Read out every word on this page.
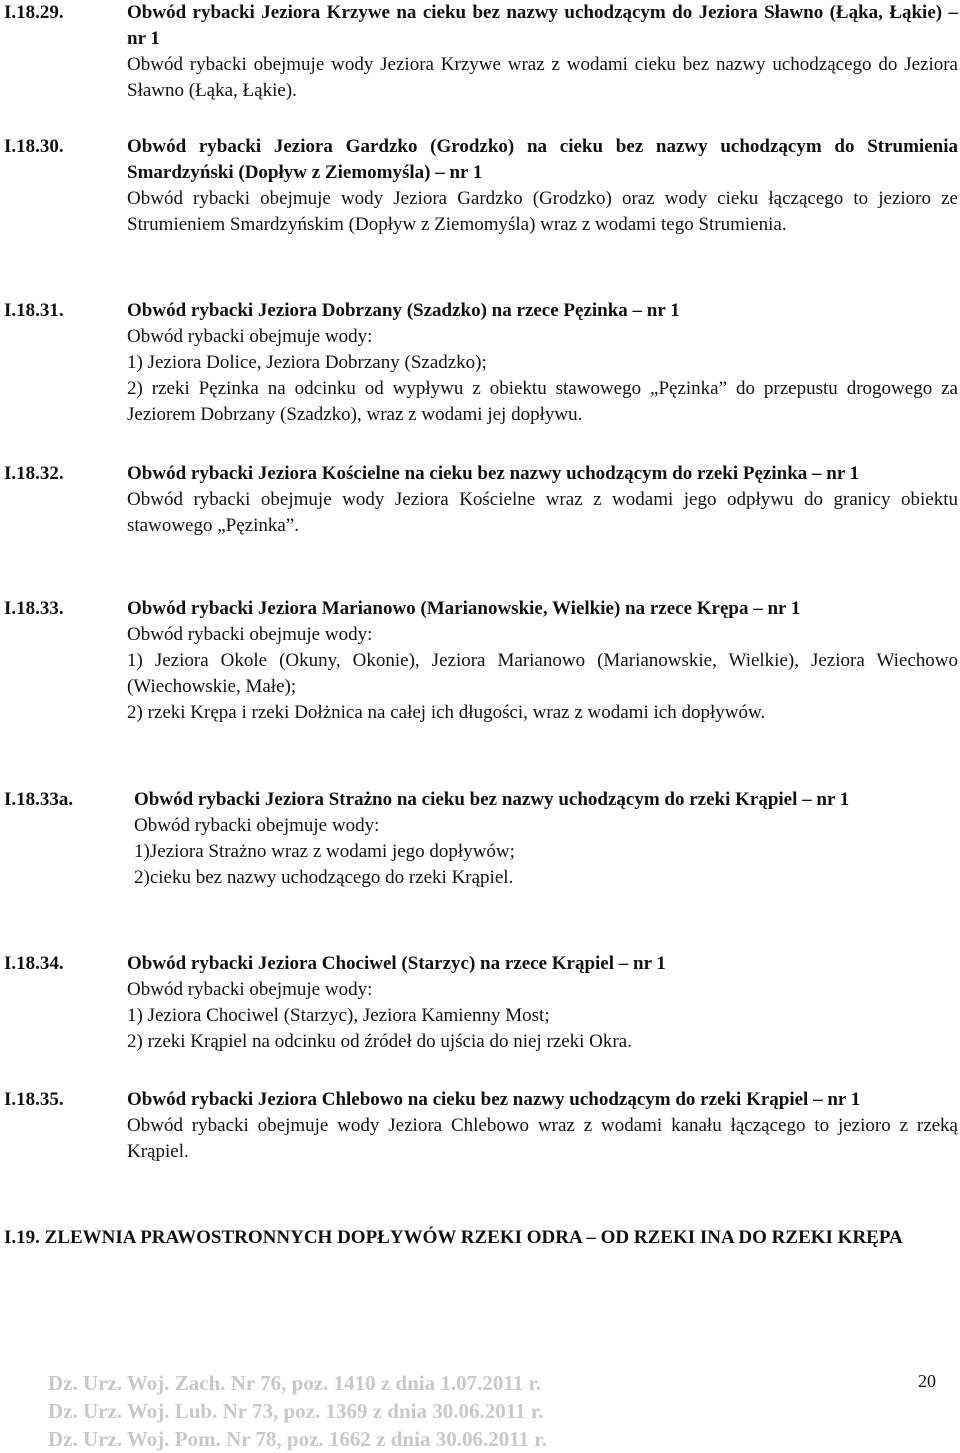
I.18.29.	Obwód rybacki Jeziora Krzywe na cieku bez nazwy uchodzącym do Jeziora Sławno (Łąka, Łąkie) – nr 1

Obwód rybacki obejmuje wody Jeziora Krzywe wraz z wodami cieku bez nazwy uchodzącego do Jeziora Sławno (Łąka, Łąkie).

I.18.30.	Obwód rybacki Jeziora Gardzko (Grodzko) na cieku bez nazwy uchodzącym do Strumienia Smardzyński (Dopływ z Ziemomyśla) – nr 1

Obwód rybacki obejmuje wody Jeziora Gardzko (Grodzko) oraz wody cieku łączącego to jezioro ze Strumieniem Smardzyńskim (Dopływ z Ziemomyśla) wraz z wodami tego Strumienia.

I.18.31.	Obwód rybacki Jeziora Dobrzany (Szadzko) na rzece Pęzinka – nr 1

Obwód rybacki obejmuje wody:
1) Jeziora Dolice, Jeziora Dobrzany (Szadzko);
2) rzeki Pęzinka na odcinku od wypływu z obiektu stawowego „Pęzinka” do przepustu drogowego za Jeziorem Dobrzany (Szadzko), wraz z wodami jej dopływu.

I.18.32.	Obwód rybacki Jeziora Kościelne na cieku bez nazwy uchodzącym do rzeki Pęzinka – nr 1

Obwód rybacki obejmuje wody Jeziora Kościelne wraz z wodami jego odpływu do granicy obiektu stawowego „Pęzinka”.

I.18.33.	Obwód rybacki Jeziora Marianowo (Marianowskie, Wielkie) na rzece Krępa – nr 1

Obwód rybacki obejmuje wody:
1) Jeziora Okole (Okuny, Okonie), Jeziora Marianowo (Marianowskie, Wielkie), Jeziora Wiechowo (Wiechowskie, Małe);
2) rzeki Krępa i rzeki Dołżnica na całej ich długości, wraz z wodami ich dopływów.

I.18.33a.	Obwód rybacki Jeziora Strażno na cieku bez nazwy uchodzącym do rzeki Krąpiel – nr 1

Obwód rybacki obejmuje wody:
1)Jeziora Strażno wraz z wodami jego dopływów;
2)cieku bez nazwy uchodzącego do rzeki Krąpiel.

I.18.34.	Obwód rybacki Jeziora Chociwel (Starzyc) na rzece Krąpiel – nr 1

Obwód rybacki obejmuje wody:
1) Jeziora Chociwel (Starzyc), Jeziora Kamienny Most;
2) rzeki Krąpiel na odcinku od źródeł do ujścia do niej rzeki Okra.

I.18.35.	Obwód rybacki Jeziora Chlebowo na cieku bez nazwy uchodzącym do rzeki Krąpiel – nr 1

Obwód rybacki obejmuje wody Jeziora Chlebowo wraz z wodami kanału łączącego to jezioro z rzeką Krąpiel.

I.19. ZLEWNIA PRAWOSTRONNYCH DOPŁYWÓW RZEKI ODRA – OD RZEKI INA DO RZEKI KRĘPA

Dz. Urz. Woj. Zach. Nr 76, poz. 1410 z dnia 1.07.2011 r.
Dz. Urz. Woj. Lub. Nr 73, poz. 1369 z dnia 30.06.2011 r.
Dz. Urz. Woj. Pom. Nr 78, poz. 1662 z dnia 30.06.2011 r.
20
